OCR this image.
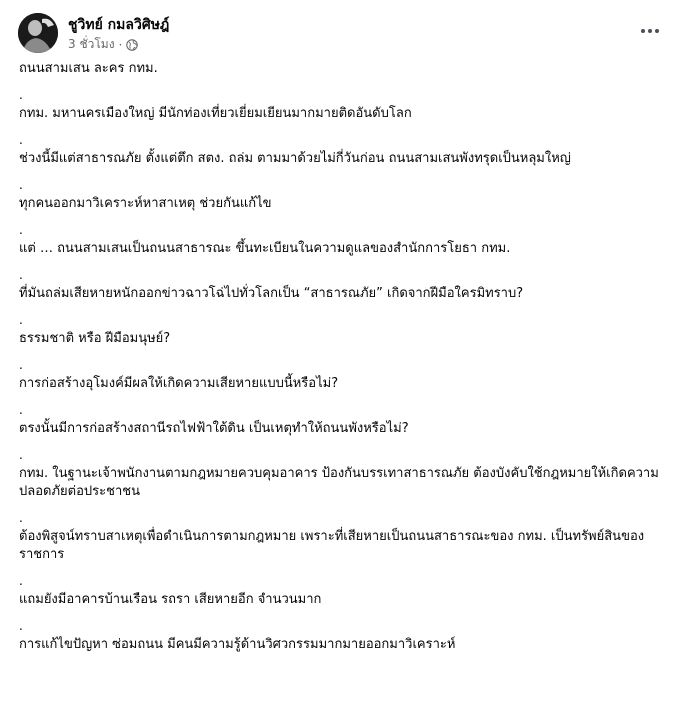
ชูวิทย์ กมลวิศิษฎ์
3 ชั่วโมง ·

ถนนสามเสน ละคร กทม.

.

กทม. มหานครเมืองใหญ่ มีนักท่องเที่ยวเยี่ยมเยียนมากมายติดอันดับโลก

.

ช่วงนี้มีแต่สาธารณภัย ตั้งแต่ตึก สตง. ถล่ม ตามมาด้วยไม่กี่วันก่อน ถนนสามเสนพังทรุดเป็นหลุมใหญ่

.

ทุกคนออกมาวิเคราะห์หาสาเหตุ ช่วยกันแก้ไข

.

แต่ … ถนนสามเสนเป็นถนนสาธารณะ ขึ้นทะเบียนในความดูแลของสำนักการโยธา กทม.

.

ที่มันถล่มเสียหายหนักออกข่าวฉาวโฉ่ไปทั่วโลกเป็น “สาธารณภัย” เกิดจากฝีมือใครมิทราบ?

.

ธรรมชาติ หรือ ฝีมือมนุษย์?

.

การก่อสร้างอุโมงค์มีผลให้เกิดความเสียหายแบบนี้หรือไม่?

.

ตรงนั้นมีการก่อสร้างสถานีรถไฟฟ้าใต้ดิน เป็นเหตุทำให้ถนนพังหรือไม่?

.

กทม. ในฐานะเจ้าพนักงานตามกฎหมายควบคุมอาคาร ป้องกันบรรเทาสาธารณภัย ต้องบังคับใช้กฎหมายให้เกิดความปลอดภัยต่อประชาชน

.

ต้องพิสูจน์ทราบสาเหตุเพื่อดำเนินการตามกฎหมาย เพราะที่เสียหายเป็นถนนสาธารณะของ กทม. เป็นทรัพย์สินของราชการ

.

แถมยังมีอาคารบ้านเรือน รถรา เสียหายอีก จำนวนมาก

.

การแก้ไขปัญหา ซ่อมถนน มีคนมีความรู้ด้านวิศวกรรมมากมายออกมาวิเคราะห์
